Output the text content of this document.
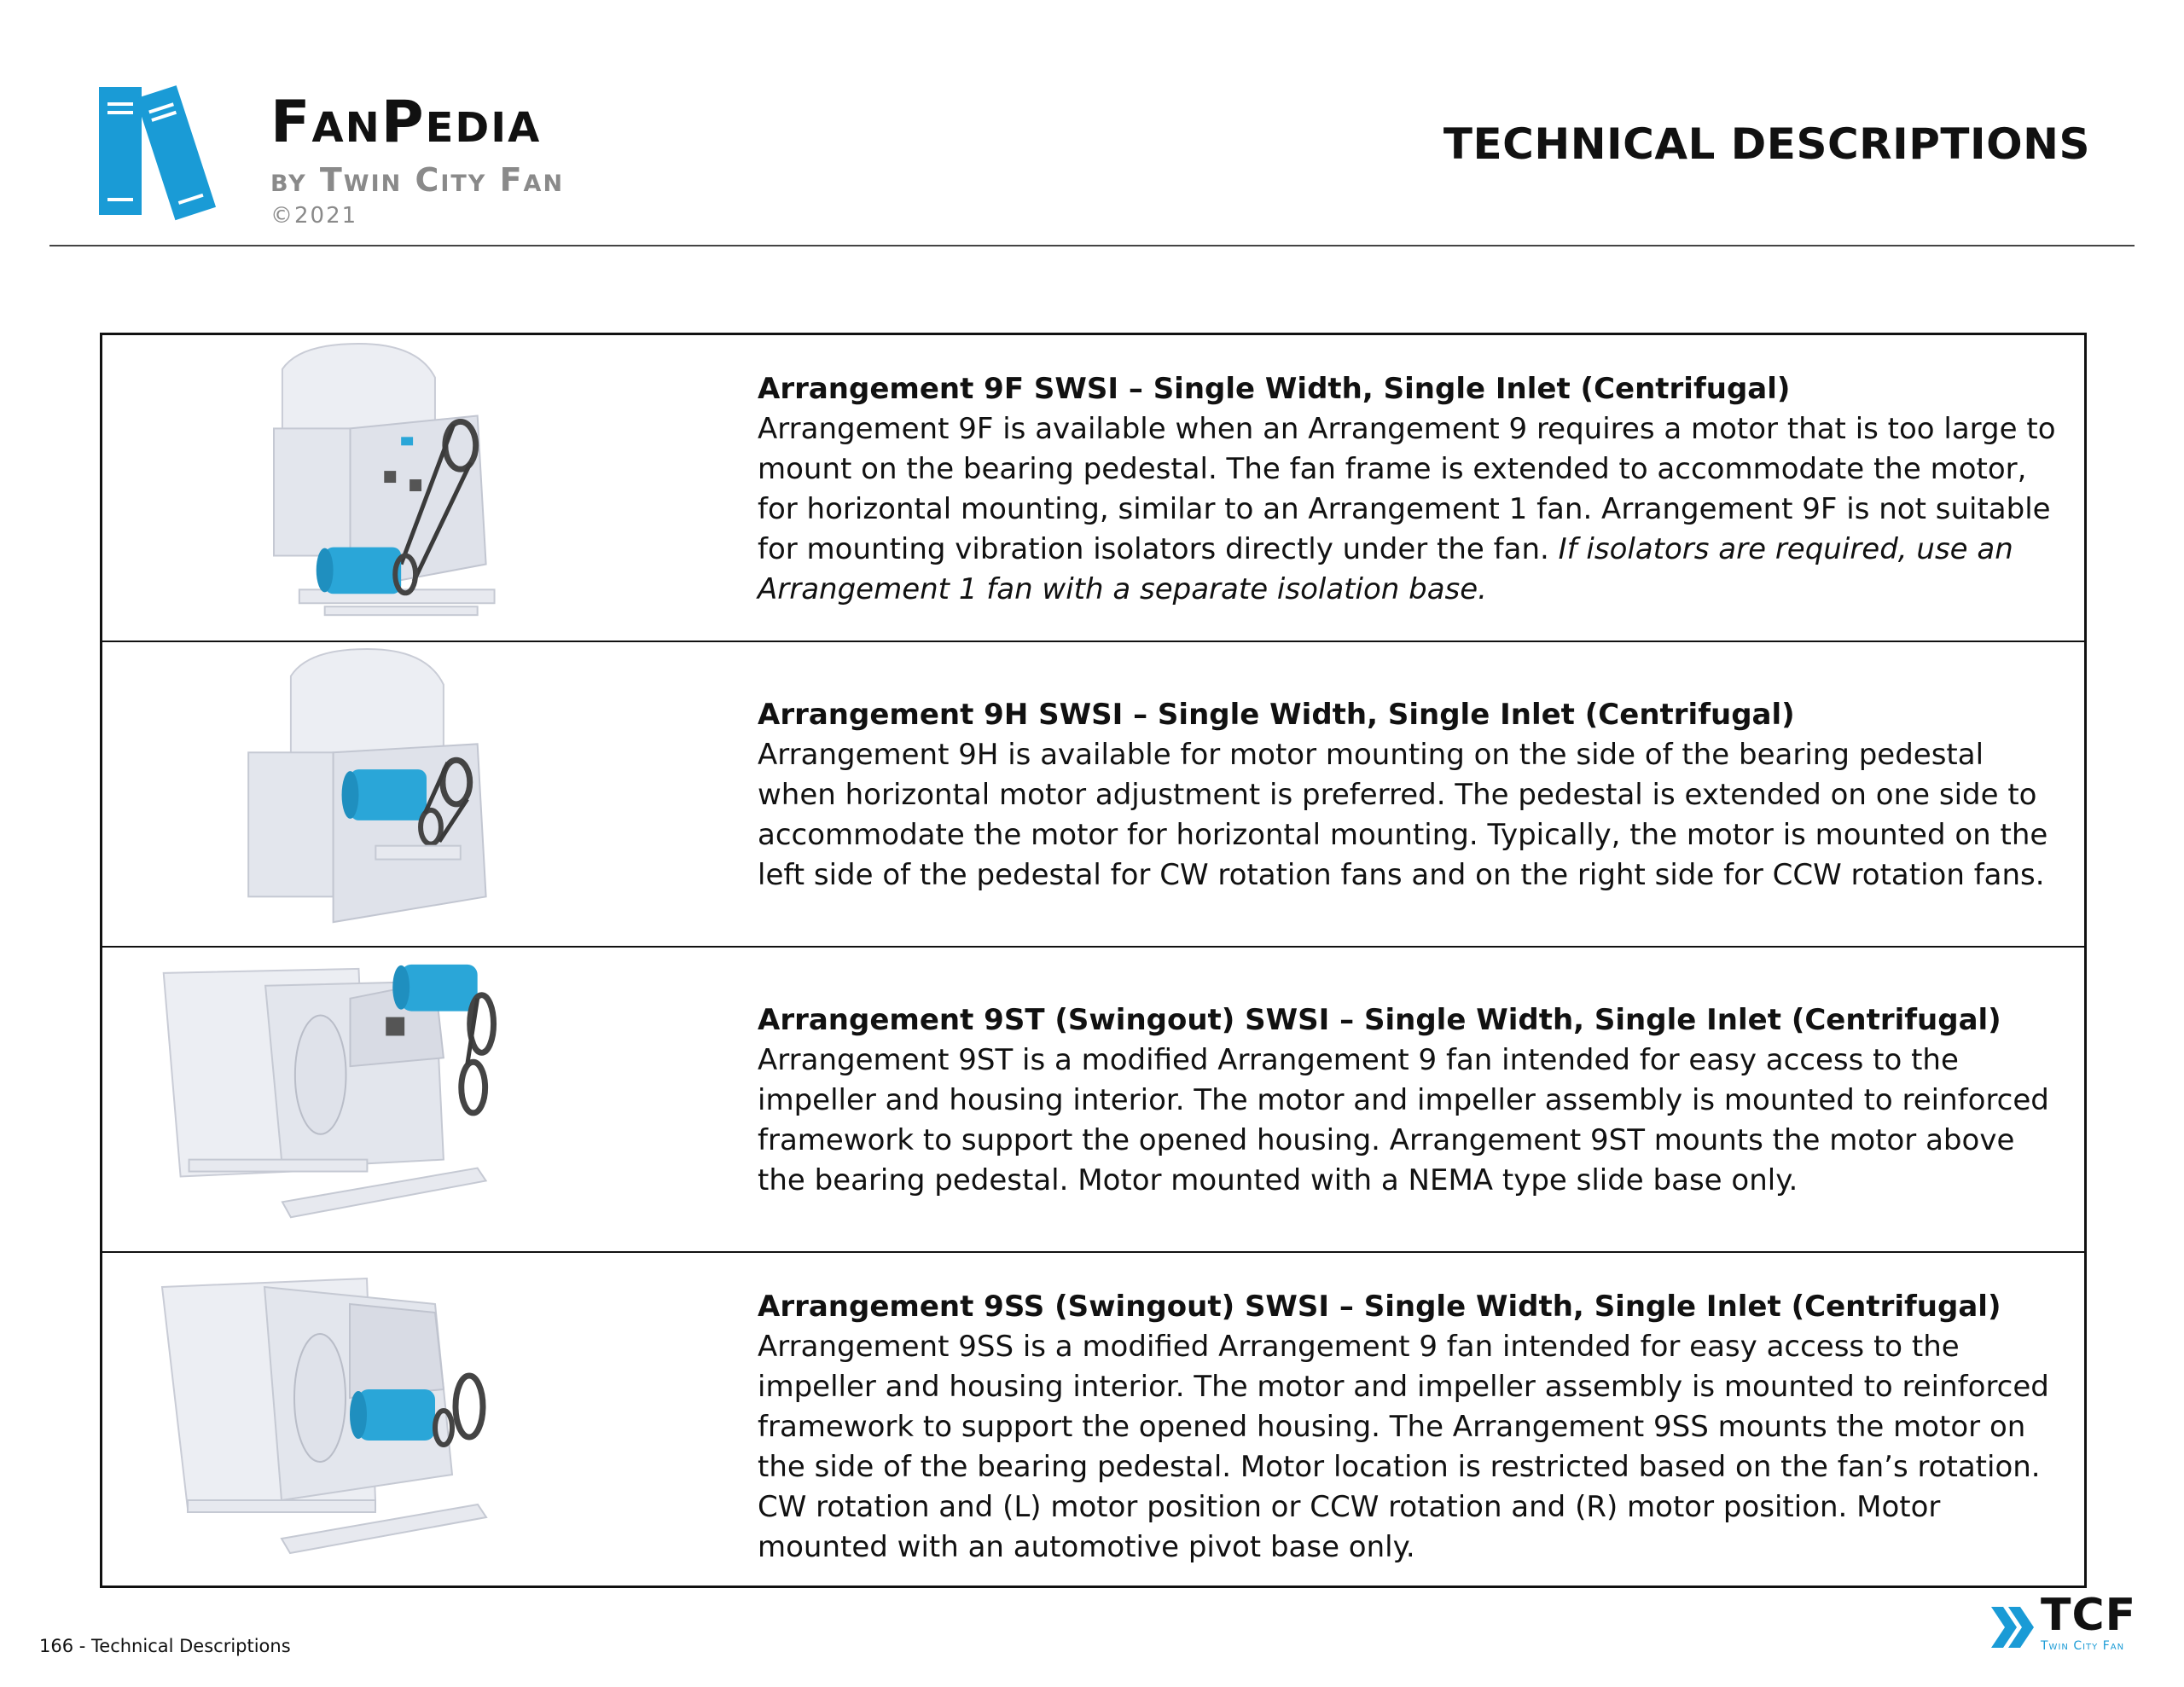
FanPedia
by Twin City Fan
©2021
TECHNICAL DESCRIPTIONS
Arrangement 9F SWSI – Single Width, Single Inlet (Centrifugal)
Arrangement 9F is available when an Arrangement 9 requires a motor that is too large to mount on the bearing pedestal. The fan frame is extended to accommodate the motor, for horizontal mounting, similar to an Arrangement 1 fan. Arrangement 9F is not suitable for mounting vibration isolators directly under the fan. If isolators are required, use an Arrangement 1 fan with a separate isolation base.
Arrangement 9H SWSI – Single Width, Single Inlet (Centrifugal)
Arrangement 9H is available for motor mounting on the side of the bearing pedestal when horizontal motor adjustment is preferred. The pedestal is extended on one side to accommodate the motor for horizontal mounting. Typically, the motor is mounted on the left side of the pedestal for CW rotation fans and on the right side for CCW rotation fans.
Arrangement 9ST (Swingout) SWSI – Single Width, Single Inlet (Centrifugal)
Arrangement 9ST is a modified Arrangement 9 fan intended for easy access to the impeller and housing interior. The motor and impeller assembly is mounted to reinforced framework to support the opened housing. Arrangement 9ST mounts the motor above the bearing pedestal. Motor mounted with a NEMA type slide base only.
Arrangement 9SS (Swingout) SWSI – Single Width, Single Inlet (Centrifugal)
Arrangement 9SS is a modified Arrangement 9 fan intended for easy access to the impeller and housing interior. The motor and impeller assembly is mounted to reinforced framework to support the opened housing. The Arrangement 9SS mounts the motor on the side of the bearing pedestal. Motor location is restricted based on the fan’s rotation. CW rotation and (L) motor position or CCW rotation and (R) motor position. Motor mounted with an automotive pivot base only.
166 - Technical Descriptions
TCF
Twin City Fan
